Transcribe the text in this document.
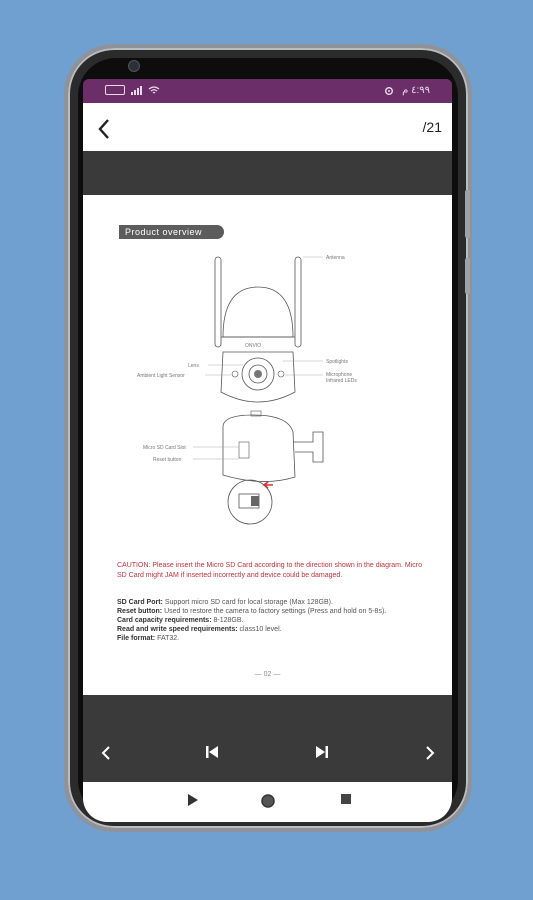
٤:٩٩ م
/21
Product overview
ONVIO
Antenna
Lens
Ambient Light Sensor
Spotlights
Microphone
Infrared LEDs
Micro SD Card Slot
Reset button
CAUTION: Please insert the Micro SD Card according to the direction shown in the diagram. Micro SD Card might JAM if inserted incorrectly and device could be damaged.
SD Card Port: Support micro SD card for local storage (Max 128GB).
Reset button: Used to restore the camera to factory settings (Press and hold on 5-8s).
Card capacity requirements: 8-128GB.
Read and write speed requirements: class10 level.
File format: FAT32.
— 02 —
